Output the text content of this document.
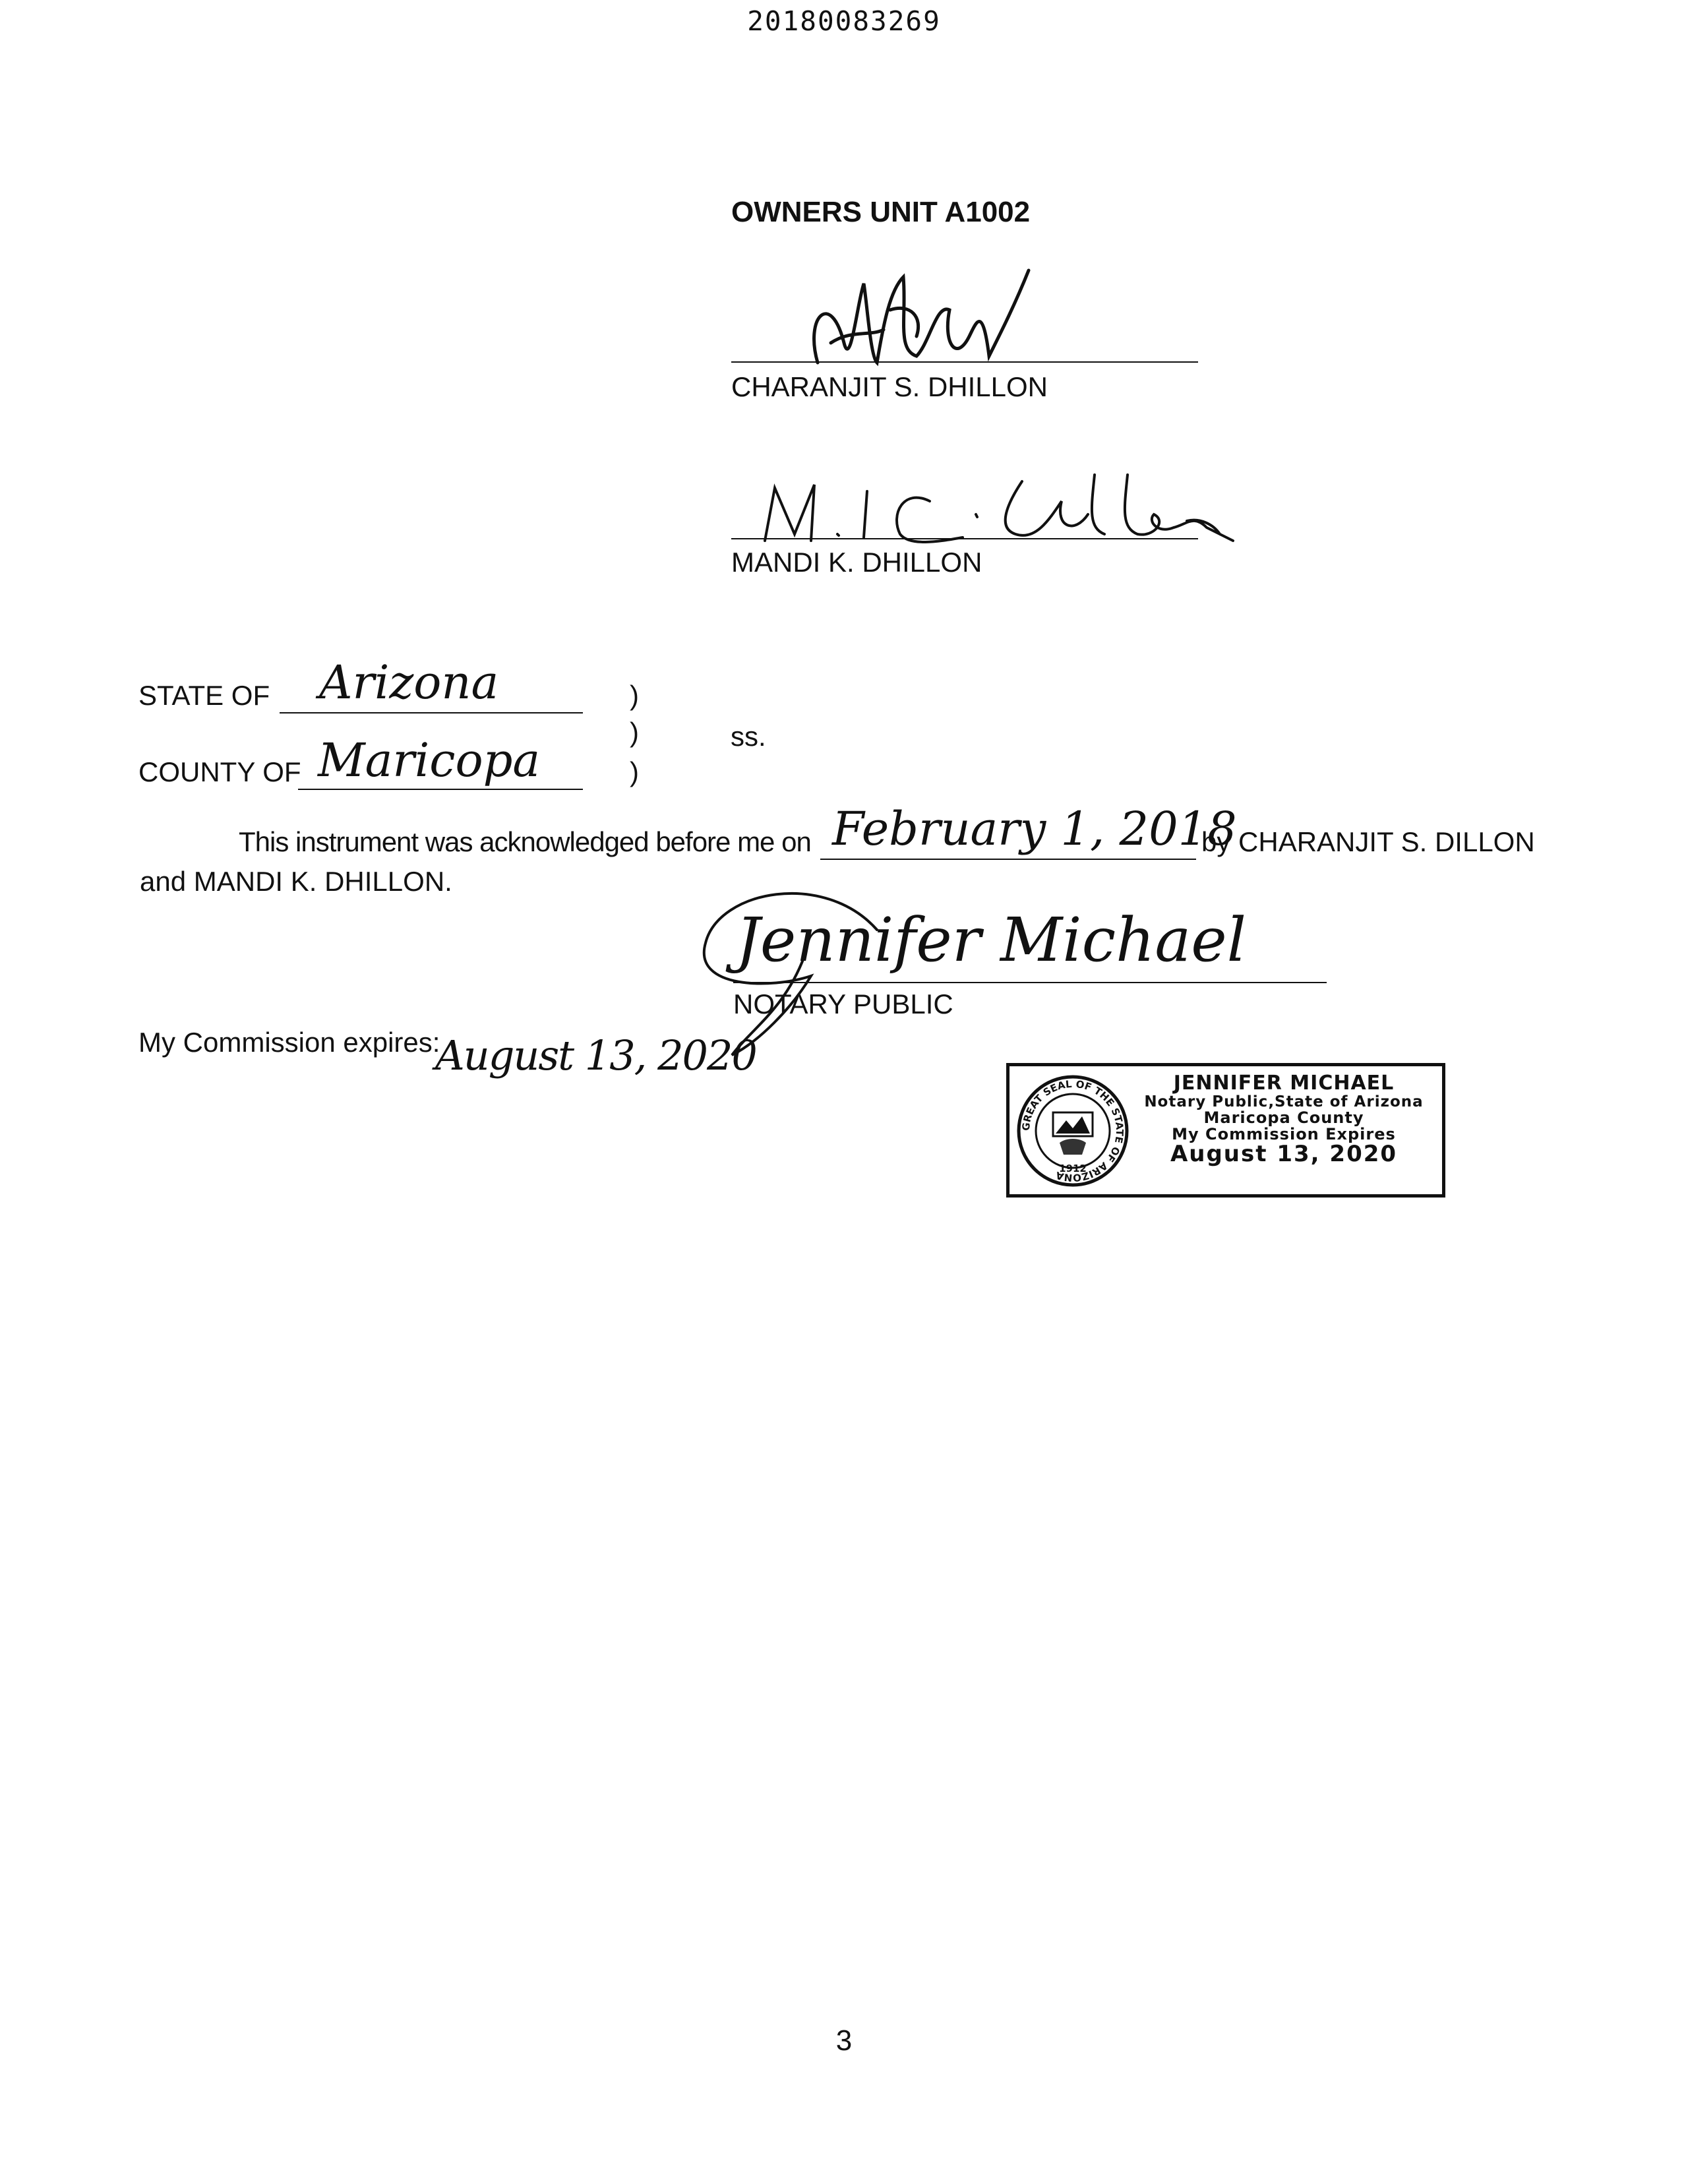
20180083269
OWNERS UNIT A1002
CHARANJIT S. DHILLON
MANDI K. DHILLON
STATE OF Arizona	)
)
)
ss.
COUNTY OF Maricopa
This instrument was acknowledged before me on February 1, 2018
by CHARANJIT S. DILLON
and MANDI K. DHILLON.
Jennifer Michael
NOTARY PUBLIC
My Commission expires:
August 13, 2020
GREAT SEAL OF THE STATE OF ARIZONA
1912
JENNIFER MICHAEL
Notary Public,State of Arizona
Maricopa County
My Commission Expires
August 13, 2020
3
